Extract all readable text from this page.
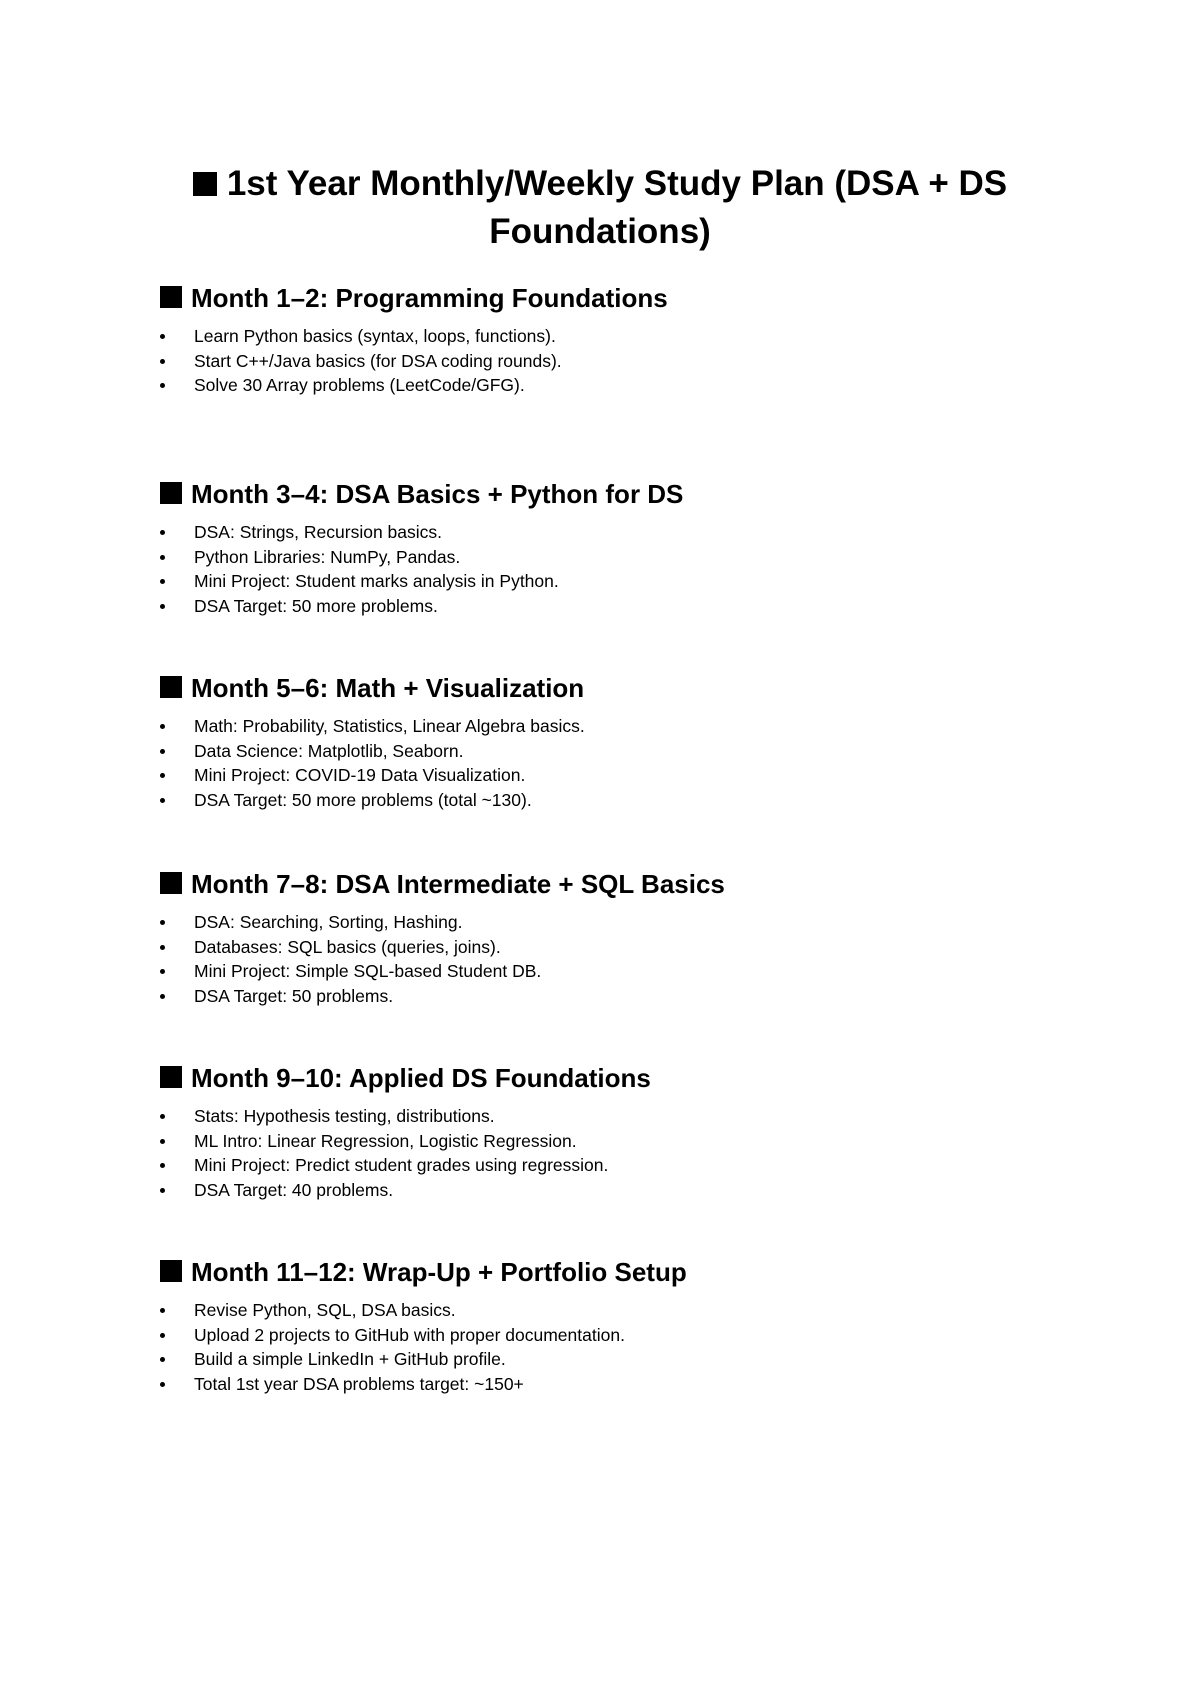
1st Year Monthly/Weekly Study Plan (DSA + DS Foundations)
Month 1–2: Programming Foundations
Learn Python basics (syntax, loops, functions).
Start C++/Java basics (for DSA coding rounds).
Solve 30 Array problems (LeetCode/GFG).
Month 3–4: DSA Basics + Python for DS
DSA: Strings, Recursion basics.
Python Libraries: NumPy, Pandas.
Mini Project: Student marks analysis in Python.
DSA Target: 50 more problems.
Month 5–6: Math + Visualization
Math: Probability, Statistics, Linear Algebra basics.
Data Science: Matplotlib, Seaborn.
Mini Project: COVID-19 Data Visualization.
DSA Target: 50 more problems (total ~130).
Month 7–8: DSA Intermediate + SQL Basics
DSA: Searching, Sorting, Hashing.
Databases: SQL basics (queries, joins).
Mini Project: Simple SQL-based Student DB.
DSA Target: 50 problems.
Month 9–10: Applied DS Foundations
Stats: Hypothesis testing, distributions.
ML Intro: Linear Regression, Logistic Regression.
Mini Project: Predict student grades using regression.
DSA Target: 40 problems.
Month 11–12: Wrap-Up + Portfolio Setup
Revise Python, SQL, DSA basics.
Upload 2 projects to GitHub with proper documentation.
Build a simple LinkedIn + GitHub profile.
Total 1st year DSA problems target: ~150+
